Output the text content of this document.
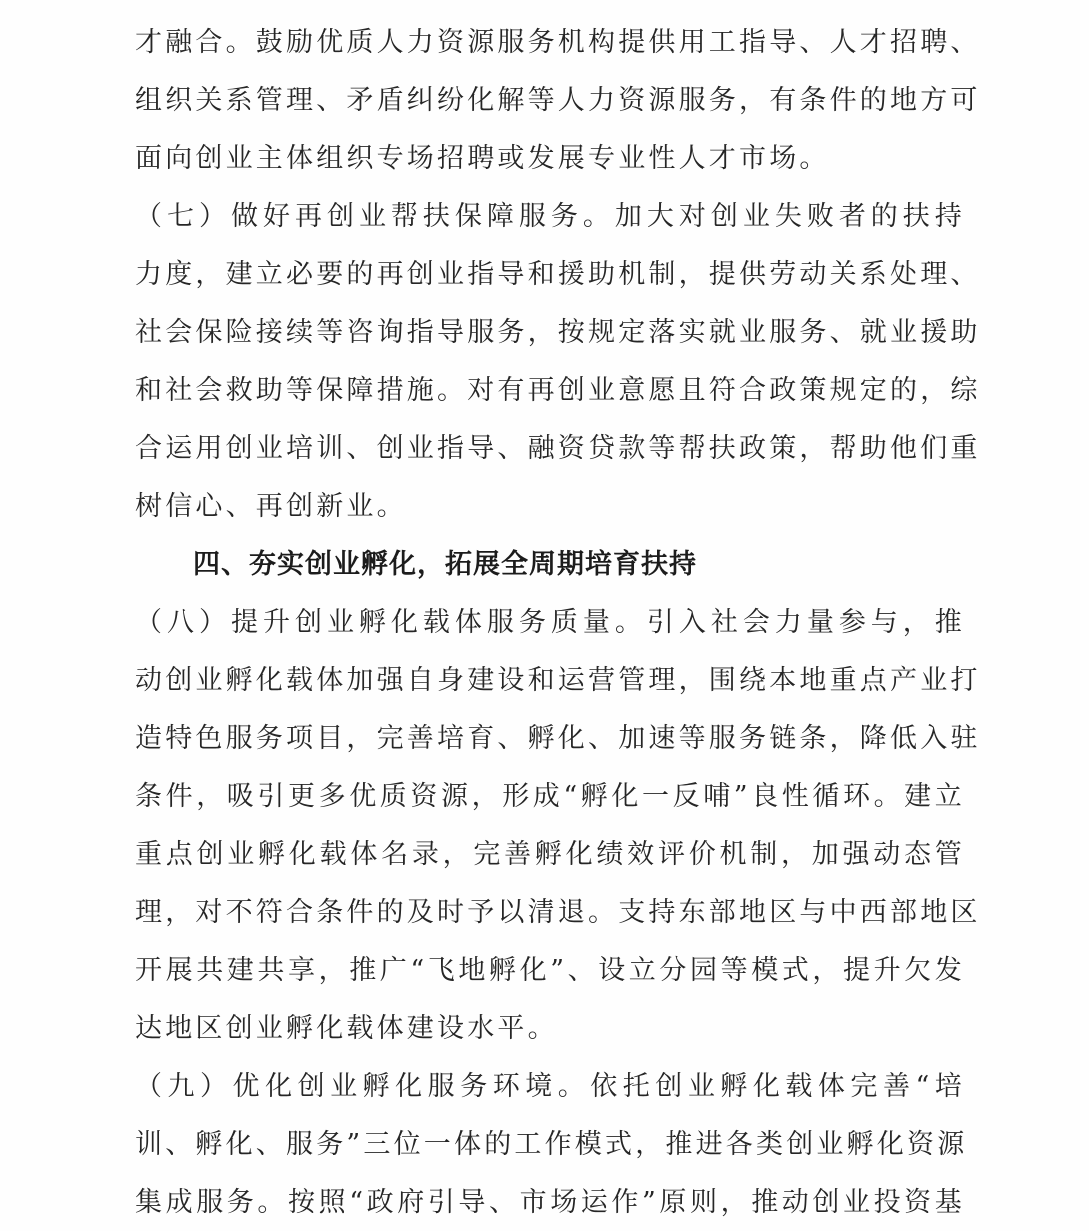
才融合。鼓励优质人力资源服务机构提供用工指导、人才招聘、
组织关系管理、矛盾纠纷化解等人力资源服务，有条件的地方可
面向创业主体组织专场招聘或发展专业性人才市场。
（七）做好再创业帮扶保障服务。加大对创业失败者的扶持
力度，建立必要的再创业指导和援助机制，提供劳动关系处理、
社会保险接续等咨询指导服务，按规定落实就业服务、就业援助
和社会救助等保障措施。对有再创业意愿且符合政策规定的，综
合运用创业培训、创业指导、融资贷款等帮扶政策，帮助他们重
树信心、再创新业。
四、夯实创业孵化，拓展全周期培育扶持
（八）提升创业孵化载体服务质量。引入社会力量参与，推
动创业孵化载体加强自身建设和运营管理，围绕本地重点产业打
造特色服务项目，完善培育、孵化、加速等服务链条，降低入驻
条件，吸引更多优质资源，形成“孵化一反哺”良性循环。建立
重点创业孵化载体名录，完善孵化绩效评价机制，加强动态管
理，对不符合条件的及时予以清退。支持东部地区与中西部地区
开展共建共享，推广“飞地孵化”、设立分园等模式，提升欠发
达地区创业孵化载体建设水平。
（九）优化创业孵化服务环境。依托创业孵化载体完善“培
训、孵化、服务”三位一体的工作模式，推进各类创业孵化资源
集成服务。按照“政府引导、市场运作”原则，推动创业投资基
